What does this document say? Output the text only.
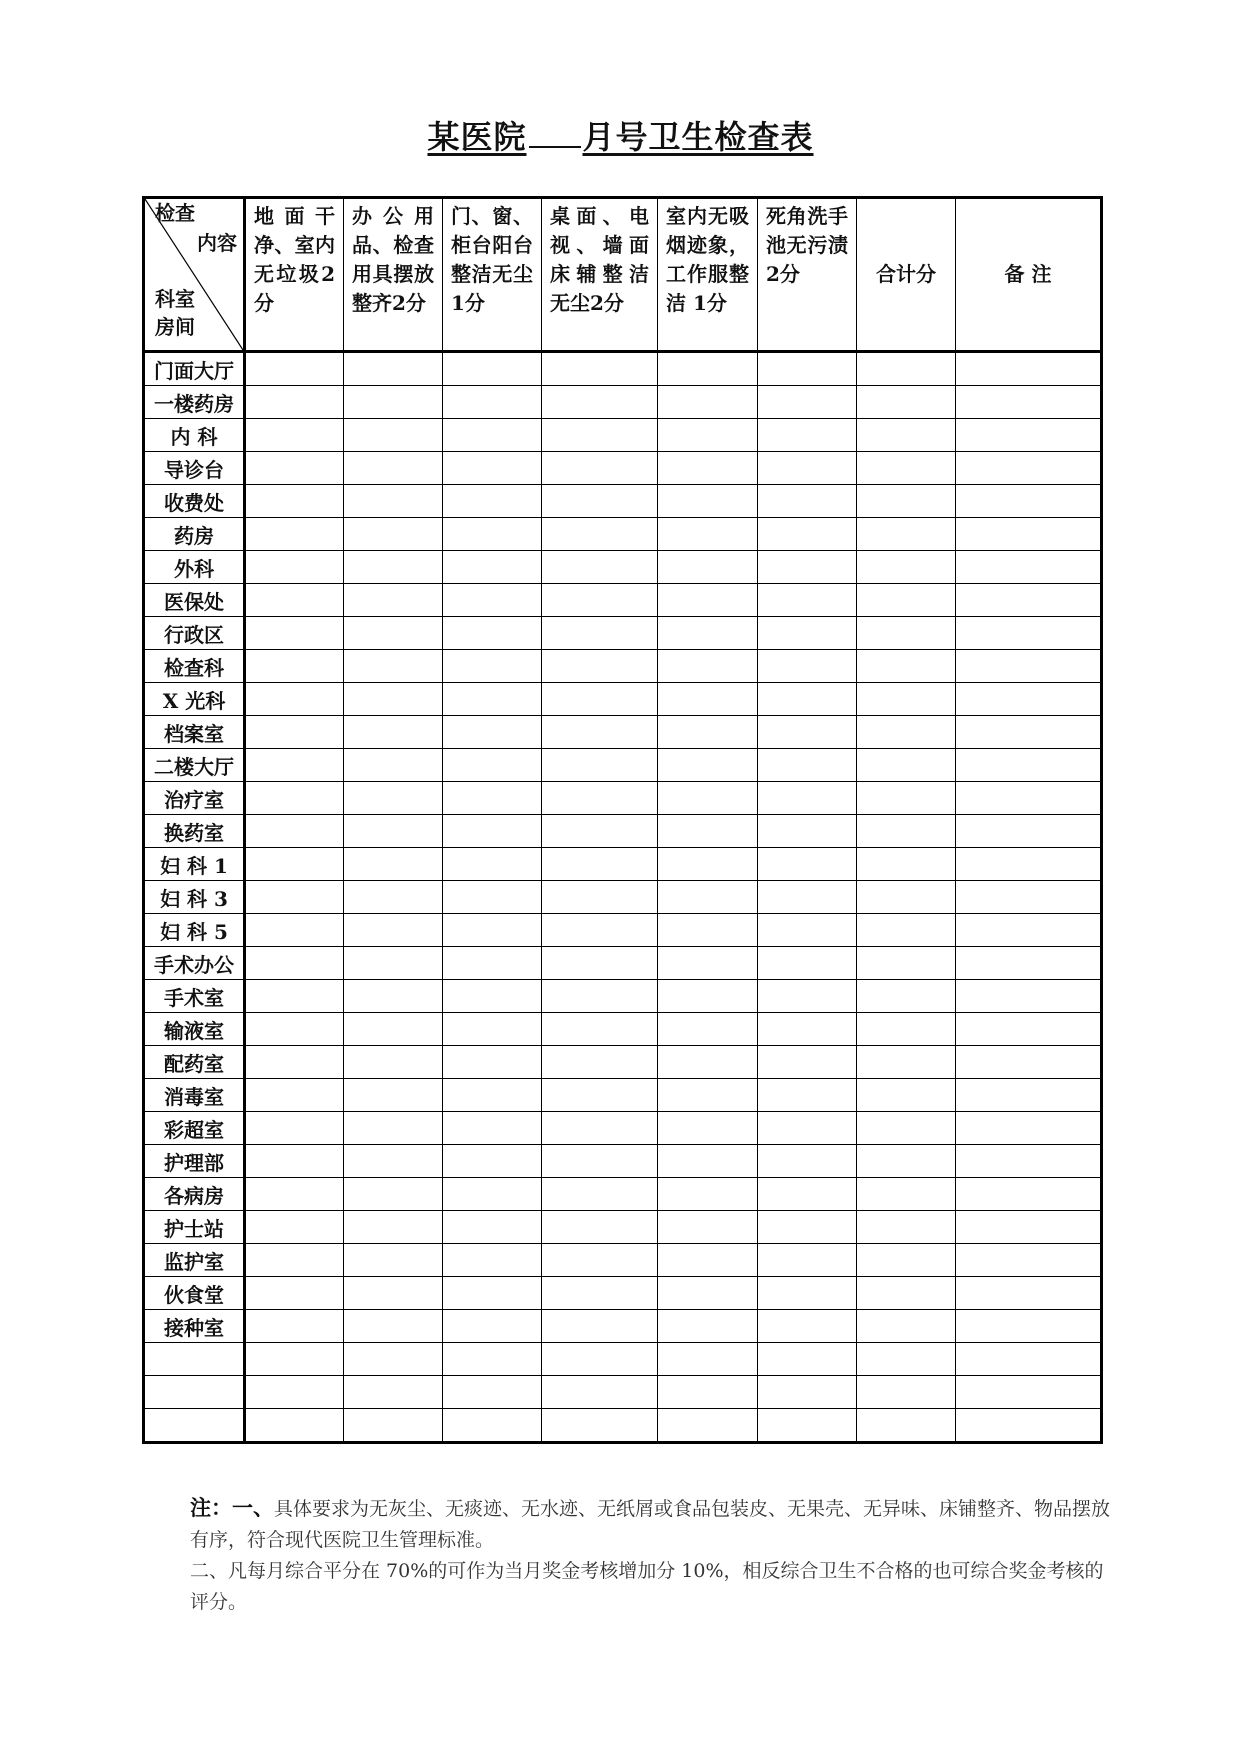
某医院 月号卫生检查表
检查
内容
科室
房间	地面干净、室内无垃圾2分	办公用品、检查用具摆放整齐2分	门、窗、柜台阳台整洁无尘1分	桌面、电视、墙面床辅整洁无尘2分	室内无吸烟迹象，工作服整洁 1分	死角洗手池无污渍 2分	合计分	备 注
门面大厅								
一楼药房								
内 科								
导诊台								
收费处								
药房								
外科								
医保处								
行政区								
检查科								
X 光科								
档案室								
二楼大厅								
治疗室								
换药室								
妇 科 1								
妇 科 3								
妇 科 5								
手术办公								
手术室								
输液室								
配药室								
消毒室								
彩超室								
护理部								
各病房								
护士站								
监护室								
伙食堂								
接种室								

注：一、具体要求为无灰尘、无痰迹、无水迹、无纸屑或食品包装皮、无果壳、无异味、床铺整齐、物品摆放有序，符合现代医院卫生管理标准。

二、凡每月综合平分在 70%的可作为当月奖金考核增加分 10%，相反综合卫生不合格的也可综合奖金考核的评分。
